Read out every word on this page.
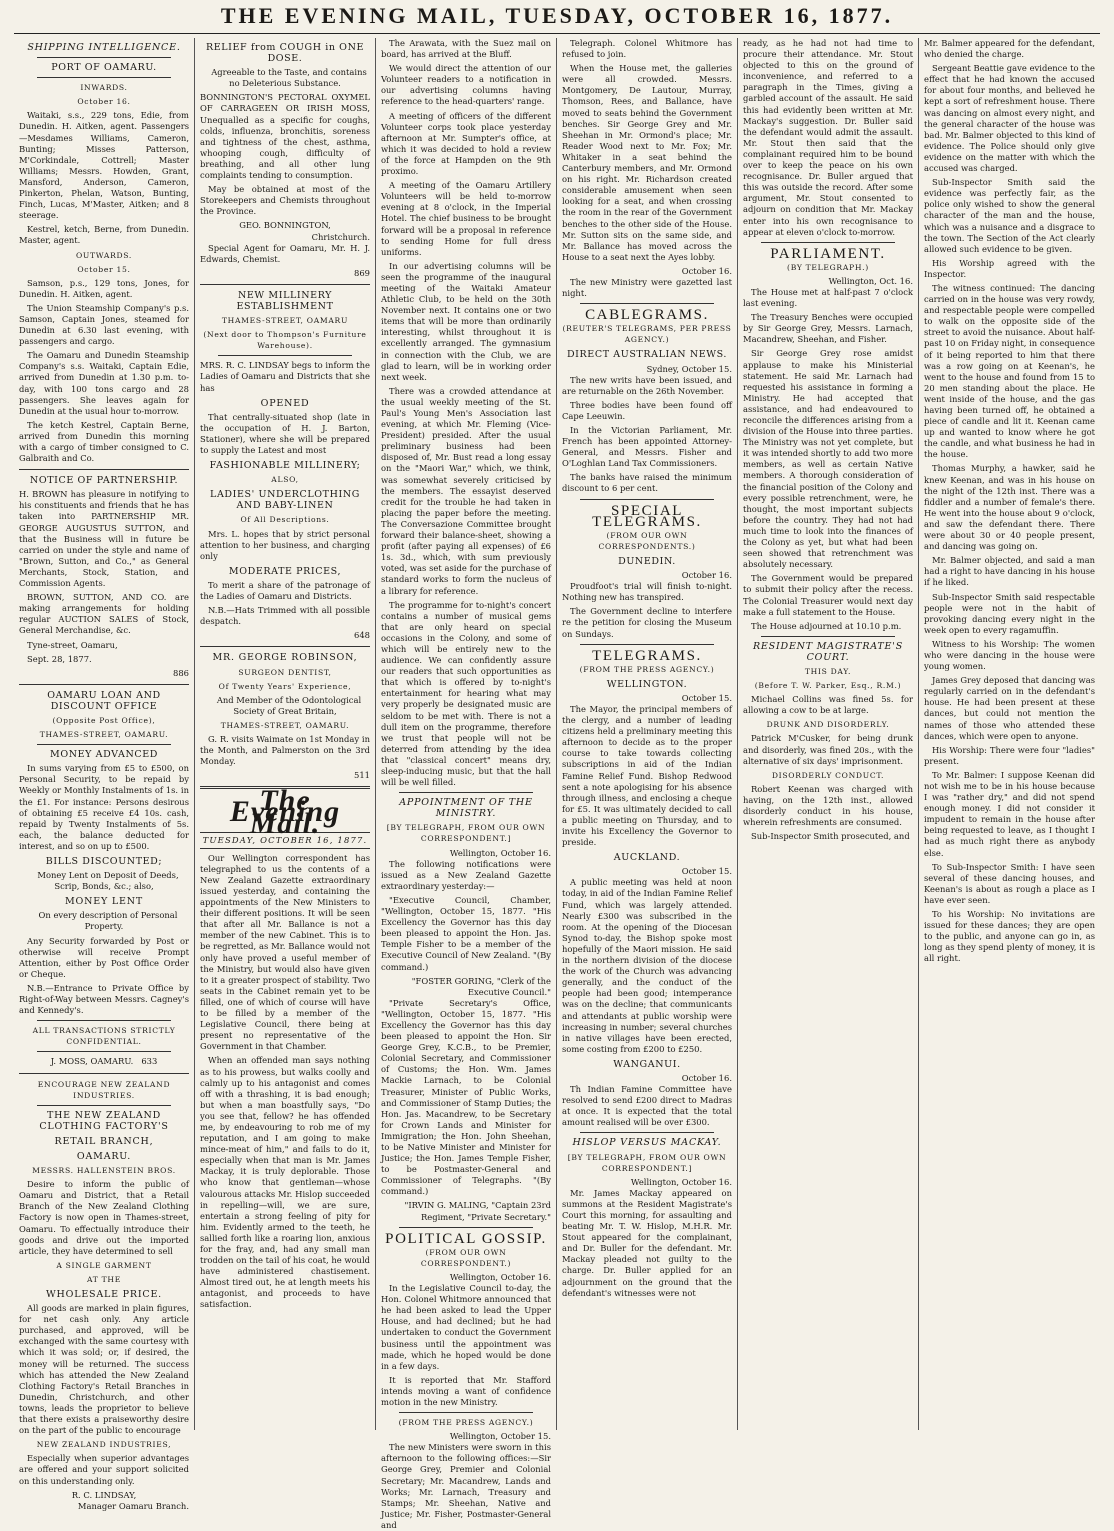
THE EVENING MAIL, TUESDAY, OCTOBER 16, 1877.
SHIPPING INTELLIGENCE.
PORT OF OAMARU.
INWARDS.
October 16.

Waitaki, s.s., 229 tons, Edie, from Dunedin. H. Aitken, agent. Passengers—Mesdames Williams, Cameron, Bunting; Misses Patterson, M'Corkindale, Cottrell; Master Williams; Messrs. Howden, Grant, Mansford, Anderson, Cameron, Pinkerton, Phelan, Watson, Bunting, Finch, Lucas, M'Master, Aitken; and 8 steerage.

Kestrel, ketch, Berne, from Dunedin. Master, agent.

OUTWARDS.
October 15.

Samson, p.s., 129 tons, Jones, for Dunedin. H. Aitken, agent.

The Union Steamship Company's p.s. Samson, Captain Jones, steamed for Dunedin at 6.30 last evening, with passengers and cargo.

The Oamaru and Dunedin Steamship Company's s.s. Waitaki, Captain Edie, arrived from Dunedin at 1.30 p.m. to-day, with 100 tons cargo and 28 passengers. She leaves again for Dunedin at the usual hour to-morrow.

The ketch Kestrel, Captain Berne, arrived from Dunedin this morning with a cargo of timber consigned to C. Galbraith and Co.

NOTICE OF PARTNERSHIP.

H. BROWN has pleasure in notifying to his constituents and friends that he has taken into PARTNERSHIP MR. GEORGE AUGUSTUS SUTTON, and that the Business will in future be carried on under the style and name of "Brown, Sutton, and Co.," as General Merchants, Stock, Station, and Commission Agents.

BROWN, SUTTON, AND CO. are making arrangements for holding regular AUCTION SALES of Stock, General Merchandise, &c.

Tyne-street, Oamaru,

Sept. 28, 1877.

886
OAMARU LOAN AND DISCOUNT OFFICE
(Opposite Post Office),
THAMES-STREET, OAMARU.
MONEY ADVANCED

In sums varying from £5 to £500, on Personal Security, to be repaid by Weekly or Monthly Instalments of 1s. in the £1. For instance: Persons desirous of obtaining £5 receive £4 10s. cash, repaid by Twenty Instalments of 5s. each, the balance deducted for interest, and so on up to £500.

BILLS DISCOUNTED;

Money Lent on Deposit of Deeds, Scrip, Bonds, &c.; also,

MONEY LENT

On every description of Personal Property.

Any Security forwarded by Post or otherwise will receive Prompt Attention, either by Post Office Order or Cheque.

N.B.—Entrance to Private Office by Right-of-Way between Messrs. Cagney's and Kennedy's.

ALL TRANSACTIONS STRICTLY CONFIDENTIAL.
J. MOSS, OAMARU. 633
ENCOURAGE NEW ZEALAND INDUSTRIES.
THE NEW ZEALAND CLOTHING FACTORY'S
RETAIL BRANCH,
OAMARU.
MESSRS. HALLENSTEIN BROS.

Desire to inform the public of Oamaru and District, that a Retail Branch of the New Zealand Clothing Factory is now open in Thames-street, Oamaru. To effectually introduce their goods and drive out the imported article, they have determined to sell

A SINGLE GARMENT
AT THE
WHOLESALE PRICE.

All goods are marked in plain figures, for net cash only. Any article purchased, and approved, will be exchanged with the same courtesy with which it was sold; or, if desired, the money will be returned. The success which has attended the New Zealand Clothing Factory's Retail Branches in Dunedin, Christchurch, and other towns, leads the proprietor to believe that there exists a praiseworthy desire on the part of the public to encourage

NEW ZEALAND INDUSTRIES,

Especially when superior advantages are offered and your support solicited on this understanding only.

R. C. LINDSAY,
Manager Oamaru Branch.
RELIEF from COUGH in ONE DOSE.

Agreeable to the Taste, and contains no Deleterious Substance.

BONNINGTON'S PECTORAL OXYMEL OF CARRAGEEN OR IRISH MOSS, Unequalled as a specific for coughs, colds, influenza, bronchitis, soreness and tightness of the chest, asthma, whooping cough, difficulty of breathing, and all other lung complaints tending to consumption.

May be obtained at most of the Storekeepers and Chemists throughout the Province.

GEO. BONNINGTON,
Christchurch.

Special Agent for Oamaru, Mr. H. J. Edwards, Chemist.

869
NEW MILLINERY ESTABLISHMENT
THAMES-STREET, OAMARU
(Next door to Thompson's Furniture Warehouse).

MRS. R. C. LINDSAY begs to inform the Ladies of Oamaru and Districts that she has

OPENED

That centrally-situated shop (late in the occupation of H. J. Barton, Stationer), where she will be prepared to supply the Latest and most

FASHIONABLE MILLINERY;
ALSO,
LADIES' UNDERCLOTHING AND BABY-LINEN
Of All Descriptions.

Mrs. L. hopes that by strict personal attention to her business, and charging only

MODERATE PRICES,

To merit a share of the patronage of the Ladies of Oamaru and Districts.

N.B.—Hats Trimmed with all possible despatch.

648
MR. GEORGE ROBINSON,
SURGEON DENTIST,
Of Twenty Years' Experience,

And Member of the Odontological Society of Great Britain,

THAMES-STREET, OAMARU.

G. R. visits Waimate on 1st Monday in the Month, and Palmerston on the 3rd Monday.

511
The Evening Mail.
TUESDAY, OCTOBER 16, 1877.

Our Wellington correspondent has telegraphed to us the contents of a New Zealand Gazette extraordinary issued yesterday, and containing the appointments of the New Ministers to their different positions. It will be seen that after all Mr. Ballance is not a member of the new Cabinet. This is to be regretted, as Mr. Ballance would not only have proved a useful member of the Ministry, but would also have given to it a greater prospect of stability. Two seats in the Cabinet remain yet to be filled, one of which of course will have to be filled by a member of the Legislative Council, there being at present no representative of the Government in that Chamber.

When an offended man says nothing as to his prowess, but walks coolly and calmly up to his antagonist and comes off with a thrashing, it is bad enough; but when a man boastfully says, "Do you see that, fellow? he has offended me, by endeavouring to rob me of my reputation, and I am going to make mince-meat of him," and fails to do it, especially when that man is Mr. James Mackay, it is truly deplorable. Those who know that gentleman—whose valourous attacks Mr. Hislop succeeded in repelling—will, we are sure, entertain a strong feeling of pity for him. Evidently armed to the teeth, he sallied forth like a roaring lion, anxious for the fray, and, had any small man trodden on the tail of his coat, he would have administered chastisement. Almost tired out, he at length meets his antagonist, and proceeds to have satisfaction.

The Arawata, with the Suez mail on board, has arrived at the Bluff.

We would direct the attention of our Volunteer readers to a notification in our advertising columns having reference to the head-quarters' range.

A meeting of officers of the different Volunteer corps took place yesterday afternoon at Mr. Sumpter's office, at which it was decided to hold a review of the force at Hampden on the 9th proximo.

A meeting of the Oamaru Artillery Volunteers will be held to-morrow evening at 8 o'clock, in the Imperial Hotel. The chief business to be brought forward will be a proposal in reference to sending Home for full dress uniforms.

In our advertising columns will be seen the programme of the inaugural meeting of the Waitaki Amateur Athletic Club, to be held on the 30th November next. It contains one or two items that will be more than ordinarily interesting, whilst throughout it is excellently arranged. The gymnasium in connection with the Club, we are glad to learn, will be in working order next week.

There was a crowded attendance at the usual weekly meeting of the St. Paul's Young Men's Association last evening, at which Mr. Fleming (Vice-President) presided. After the usual preliminary business had been disposed of, Mr. Bust read a long essay on the "Maori War," which, we think, was somewhat severely criticised by the members. The essayist deserved credit for the trouble he had taken in placing the paper before the meeting. The Conversazione Committee brought forward their balance-sheet, showing a profit (after paying all expenses) of £6 1s. 3d., which, with sum previously voted, was set aside for the purchase of standard works to form the nucleus of a library for reference.

The programme for to-night's concert contains a number of musical gems that are only heard on special occasions in the Colony, and some of which will be entirely new to the audience. We can confidently assure our readers that such opportunities as that which is offered by to-night's entertainment for hearing what may very properly be designated music are seldom to be met with. There is not a dull item on the programme, therefore we trust that people will not be deterred from attending by the idea that "classical concert" means dry, sleep-inducing music, but that the hall will be well filled.

APPOINTMENT OF THE MINISTRY.
[BY TELEGRAPH, FROM OUR OWN CORRESPONDENT.]
Wellington, October 16.

The following notifications were issued as a New Zealand Gazette extraordinary yesterday:—

"Executive Council, Chamber, "Wellington, October 15, 1877. "His Excellency the Governor has this day been pleased to appoint the Hon. Jas. Temple Fisher to be a member of the Executive Council of New Zealand. "(By command.)

"FOSTER GORING, "Clerk of the Executive Council."

"Private Secretary's Office, "Wellington, October 15, 1877. "His Excellency the Governor has this day been pleased to appoint the Hon. Sir George Grey, K.C.B., to be Premier, Colonial Secretary, and Commissioner of Customs; the Hon. Wm. James Mackie Larnach, to be Colonial Treasurer, Minister of Public Works, and Commissioner of Stamp Duties; the Hon. Jas. Macandrew, to be Secretary for Crown Lands and Minister for Immigration; the Hon. John Sheehan, to be Native Minister and Minister for Justice; the Hon. James Temple Fisher, to be Postmaster-General and Commissioner of Telegraphs. "(By command.)

"IRVIN G. MALING, "Captain 23rd Regiment, "Private Secretary."
POLITICAL GOSSIP.
(FROM OUR OWN CORRESPONDENT.)
Wellington, October 16.

In the Legislative Council to-day, the Hon. Colonel Whitmore announced that he had been asked to lead the Upper House, and had declined; but he had undertaken to conduct the Government business until the appointment was made, which he hoped would be done in a few days.

It is reported that Mr. Stafford intends moving a want of confidence motion in the new Ministry.

(FROM THE PRESS AGENCY.)
Wellington, October 15.

The new Ministers were sworn in this afternoon to the following offices:—Sir George Grey, Premier and Colonial Secretary; Mr. Macandrew, Lands and Works; Mr. Larnach, Treasury and Stamps; Mr. Sheehan, Native and Justice; Mr. Fisher, Postmaster-General and

Telegraph. Colonel Whitmore has refused to join.

When the House met, the galleries were all crowded. Messrs. Montgomery, De Lautour, Murray, Thomson, Rees, and Ballance, have moved to seats behind the Government benches. Sir George Grey and Mr. Sheehan in Mr. Ormond's place; Mr. Reader Wood next to Mr. Fox; Mr. Whitaker in a seat behind the Canterbury members, and Mr. Ormond on his right. Mr. Richardson created considerable amusement when seen looking for a seat, and when crossing the room in the rear of the Government benches to the other side of the House. Mr. Sutton sits on the same side, and Mr. Ballance has moved across the House to a seat next the Ayes lobby.

October 16.

The new Ministry were gazetted last night.

CABLEGRAMS.
(REUTER'S TELEGRAMS, PER PRESS AGENCY.)
DIRECT AUSTRALIAN NEWS.
Sydney, October 15.

The new writs have been issued, and are returnable on the 26th November.

Three bodies have been found off Cape Leeuwin.

In the Victorian Parliament, Mr. French has been appointed Attorney-General, and Messrs. Fisher and O'Loghlan Land Tax Commissioners.

The banks have raised the minimum discount to 6 per cent.

SPECIAL TELEGRAMS.
(FROM OUR OWN CORRESPONDENTS.)
DUNEDIN.
October 16.

Proudfoot's trial will finish to-night. Nothing new has transpired.

The Government decline to interfere re the petition for closing the Museum on Sundays.

TELEGRAMS.
(FROM THE PRESS AGENCY.)
WELLINGTON.
October 15.

The Mayor, the principal members of the clergy, and a number of leading citizens held a preliminary meeting this afternoon to decide as to the proper course to take towards collecting subscriptions in aid of the Indian Famine Relief Fund. Bishop Redwood sent a note apologising for his absence through illness, and enclosing a cheque for £5. It was ultimately decided to call a public meeting on Thursday, and to invite his Excellency the Governor to preside.

AUCKLAND.
October 15.

A public meeting was held at noon today, in aid of the Indian Famine Relief Fund, which was largely attended. Nearly £300 was subscribed in the room. At the opening of the Diocesan Synod to-day, the Bishop spoke most hopefully of the Maori mission. He said in the northern division of the diocese the work of the Church was advancing generally, and the conduct of the people had been good; intemperance was on the decline; that communicants and attendants at public worship were increasing in number; several churches in native villages have been erected, some costing from £200 to £250.

WANGANUI.
October 16.

Th Indian Famine Committee have resolved to send £200 direct to Madras at once. It is expected that the total amount realised will be over £300.

HISLOP VERSUS MACKAY.
[BY TELEGRAPH, FROM OUR OWN CORRESPONDENT.]
Wellington, October 16.

Mr. James Mackay appeared on summons at the Resident Magistrate's Court this morning, for assaulting and beating Mr. T. W. Hislop, M.H.R. Mr. Stout appeared for the complainant, and Dr. Buller for the defendant. Mr. Mackay pleaded not guilty to the charge. Dr. Buller applied for an adjournment on the ground that the defendant's witnesses were not

ready, as he had not had time to procure their attendance. Mr. Stout objected to this on the ground of inconvenience, and referred to a paragraph in the Times, giving a garbled account of the assault. He said this had evidently been written at Mr. Mackay's suggestion. Dr. Buller said the defendant would admit the assault. Mr. Stout then said that the complainant required him to be bound over to keep the peace on his own recognisance. Dr. Buller argued that this was outside the record. After some argument, Mr. Stout consented to adjourn on condition that Mr. Mackay enter into his own recognisance to appear at eleven o'clock to-morrow.

PARLIAMENT.
(BY TELEGRAPH.)
Wellington, Oct. 16.

The House met at half-past 7 o'clock last evening.

The Treasury Benches were occupied by Sir George Grey, Messrs. Larnach, Macandrew, Sheehan, and Fisher.

Sir George Grey rose amidst applause to make his Ministerial statement. He said Mr. Larnach had requested his assistance in forming a Ministry. He had accepted that assistance, and had endeavoured to reconcile the differences arising from a division of the House into three parties. The Ministry was not yet complete, but it was intended shortly to add two more members, as well as certain Native members. A thorough consideration of the financial position of the Colony and every possible retrenchment, were, he thought, the most important subjects before the country. They had not had much time to look into the finances of the Colony as yet, but what had been seen showed that retrenchment was absolutely necessary.

The Government would be prepared to submit their policy after the recess. The Colonial Treasurer would next day make a full statement to the House.

The House adjourned at 10.10 p.m.

RESIDENT MAGISTRATE'S COURT.
THIS DAY.
(Before T. W. Parker, Esq., R.M.)

Michael Collins was fined 5s. for allowing a cow to be at large.

DRUNK AND DISORDERLY.

Patrick M'Cusker, for being drunk and disorderly, was fined 20s., with the alternative of six days' imprisonment.

DISORDERLY CONDUCT.

Robert Keenan was charged with having, on the 12th inst., allowed disorderly conduct in his house, wherein refreshments are consumed.

Sub-Inspector Smith prosecuted, and

Mr. Balmer appeared for the defendant, who denied the charge.

Sergeant Beattie gave evidence to the effect that he had known the accused for about four months, and believed he kept a sort of refreshment house. There was dancing on almost every night, and the general character of the house was bad. Mr. Balmer objected to this kind of evidence. The Police should only give evidence on the matter with which the accused was charged.

Sub-Inspector Smith said the evidence was perfectly fair, as the police only wished to show the general character of the man and the house, which was a nuisance and a disgrace to the town. The Section of the Act clearly allowed such evidence to be given.

His Worship agreed with the Inspector.

The witness continued: The dancing carried on in the house was very rowdy, and respectable people were compelled to walk on the opposite side of the street to avoid the nuisance. About half-past 10 on Friday night, in consequence of it being reported to him that there was a row going on at Keenan's, he went to the house and found from 15 to 20 men standing about the place. He went inside of the house, and the gas having been turned off, he obtained a piece of candle and lit it. Keenan came up and wanted to know where he got the candle, and what business he had in the house.

Thomas Murphy, a hawker, said he knew Keenan, and was in his house on the night of the 12th inst. There was a fiddler and a number of female's there. He went into the house about 9 o'clock, and saw the defendant there. There were about 30 or 40 people present, and dancing was going on.

Mr. Balmer objected, and said a man had a right to have dancing in his house if he liked.

Sub-Inspector Smith said respectable people were not in the habit of provoking dancing every night in the week open to every ragamuffin.

Witness to his Worship: The women who were dancing in the house were young women.

James Grey deposed that dancing was regularly carried on in the defendant's house. He had been present at these dances, but could not mention the names of those who attended these dances, which were open to anyone.

His Worship: There were four "ladies" present.

To Mr. Balmer: I suppose Keenan did not wish me to be in his house because I was "rather dry," and did not spend enough money. I did not consider it impudent to remain in the house after being requested to leave, as I thought I had as much right there as anybody else.

To Sub-Inspector Smith: I have seen several of these dancing houses, and Keenan's is about as rough a place as I have ever seen.

To his Worship: No invitations are issued for these dances; they are open to the public, and anyone can go in, as long as they spend plenty of money, it is all right.
